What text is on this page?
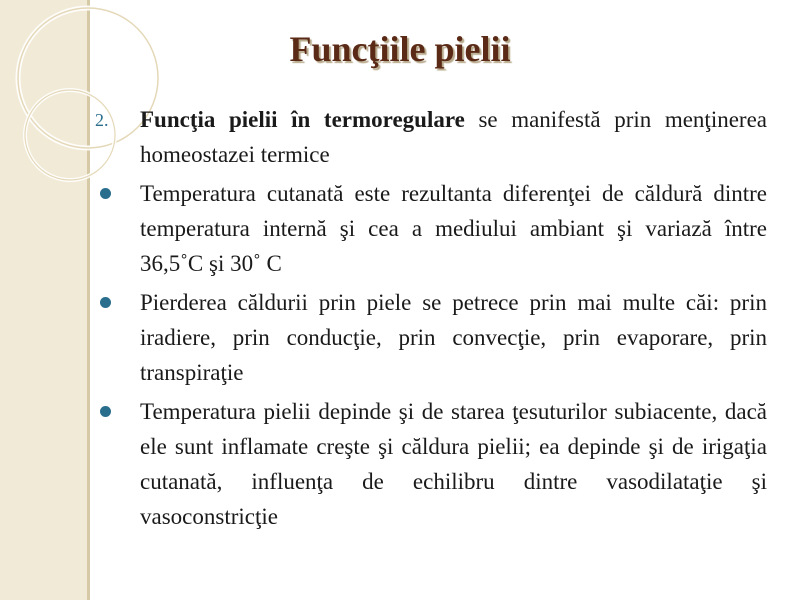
Funcţiile pielii
2.	Funcţia pielii în termoregulare se manifestă prin menţinerea homeostazei termice
Temperatura cutanată este rezultanta diferenţei de căldură dintre temperatura internă şi cea a mediului ambiant şi variază între 36,5˚C şi 30˚ C
Pierderea căldurii prin piele se petrece prin mai multe căi: prin iradiere, prin conducţie, prin convecţie, prin evaporare, prin transpiraţie
Temperatura pielii depinde şi de starea ţesuturilor subiacente, dacă ele sunt inflamate creşte şi căldura pielii; ea depinde şi de irigaţia cutanată, influenţa de echilibru dintre vasodilataţie şi vasoconstricţie
